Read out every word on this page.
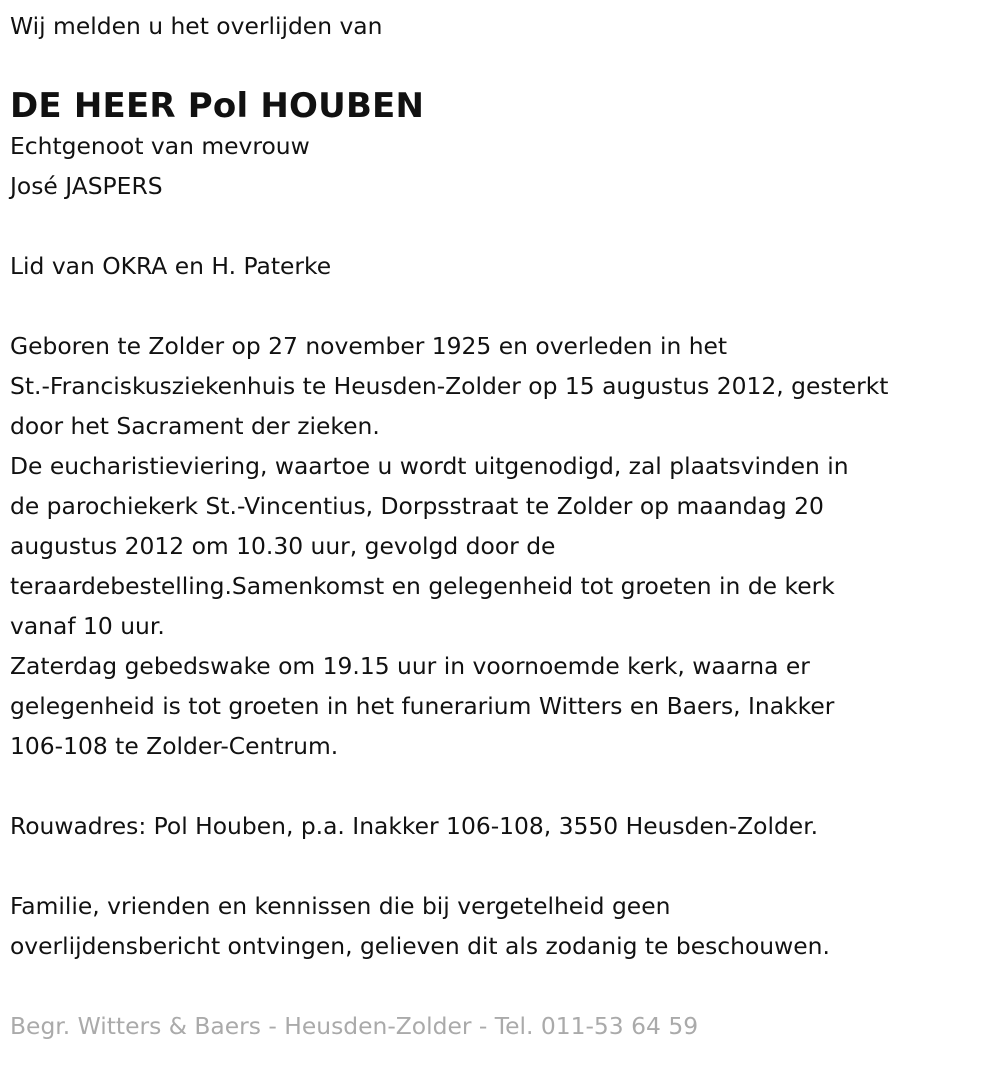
Wij melden u het overlijden van

DE HEER Pol HOUBEN

Echtgenoot van mevrouw

José JASPERS

Lid van OKRA en H. Paterke

Geboren te Zolder op 27 november 1925 en overleden in het

St.-Franciskusziekenhuis te Heusden-Zolder op 15 augustus 2012, gesterkt

door het Sacrament der zieken.

De eucharistieviering, waartoe u wordt uitgenodigd, zal plaatsvinden in

de parochiekerk St.-Vincentius, Dorpsstraat te Zolder op maandag 20

augustus 2012 om 10.30 uur, gevolgd door de

teraardebestelling.Samenkomst en gelegenheid tot groeten in de kerk

vanaf 10 uur.

Zaterdag gebedswake om 19.15 uur in voornoemde kerk, waarna er

gelegenheid is tot groeten in het funerarium Witters en Baers, Inakker

106-108 te Zolder-Centrum.

Rouwadres: Pol Houben, p.a. Inakker 106-108, 3550 Heusden-Zolder.

Familie, vrienden en kennissen die bij vergetelheid geen

overlijdensbericht ontvingen, gelieven dit als zodanig te beschouwen.

Begr. Witters & Baers - Heusden-Zolder - Tel. 011-53 64 59
